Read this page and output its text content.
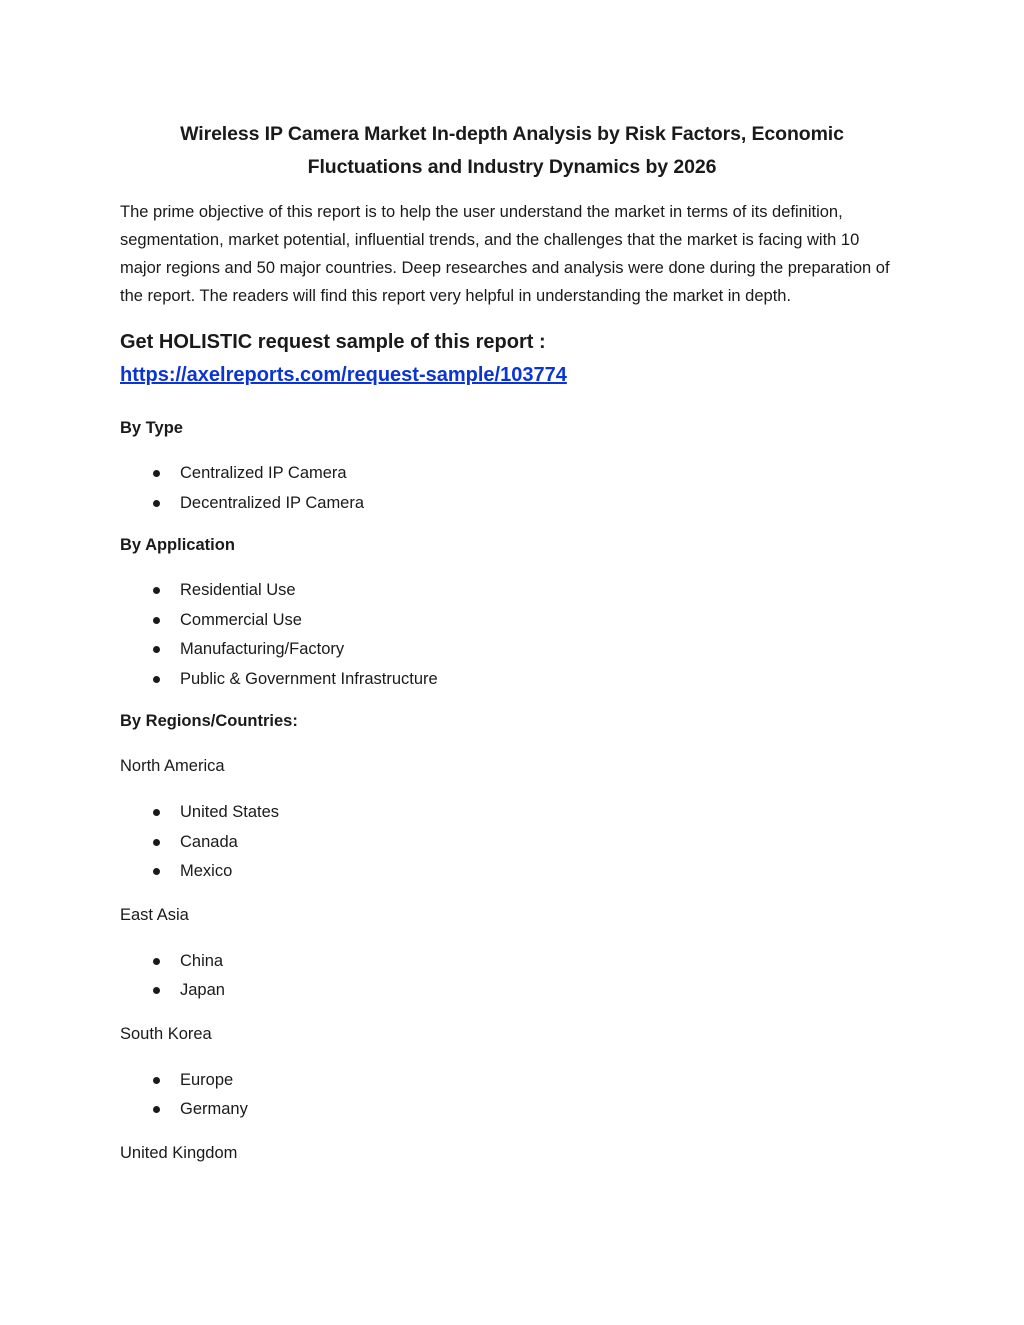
Wireless IP Camera Market In-depth Analysis by Risk Factors, Economic
Fluctuations and Industry Dynamics by 2026

The prime objective of this report is to help the user understand the market in terms of its definition, segmentation, market potential, influential trends, and the challenges that the market is facing with 10 major regions and 50 major countries. Deep researches and analysis were done during the preparation of the report. The readers will find this report very helpful in understanding the market in depth.

Get HOLISTIC request sample of this report :
https://axelreports.com/request-sample/103774

By Type

Centralized IP Camera
Decentralized IP Camera

By Application

Residential Use
Commercial Use
Manufacturing/Factory
Public & Government Infrastructure

By Regions/Countries:

North America

United States
Canada
Mexico

East Asia

China
Japan

South Korea

Europe
Germany

United Kingdom
